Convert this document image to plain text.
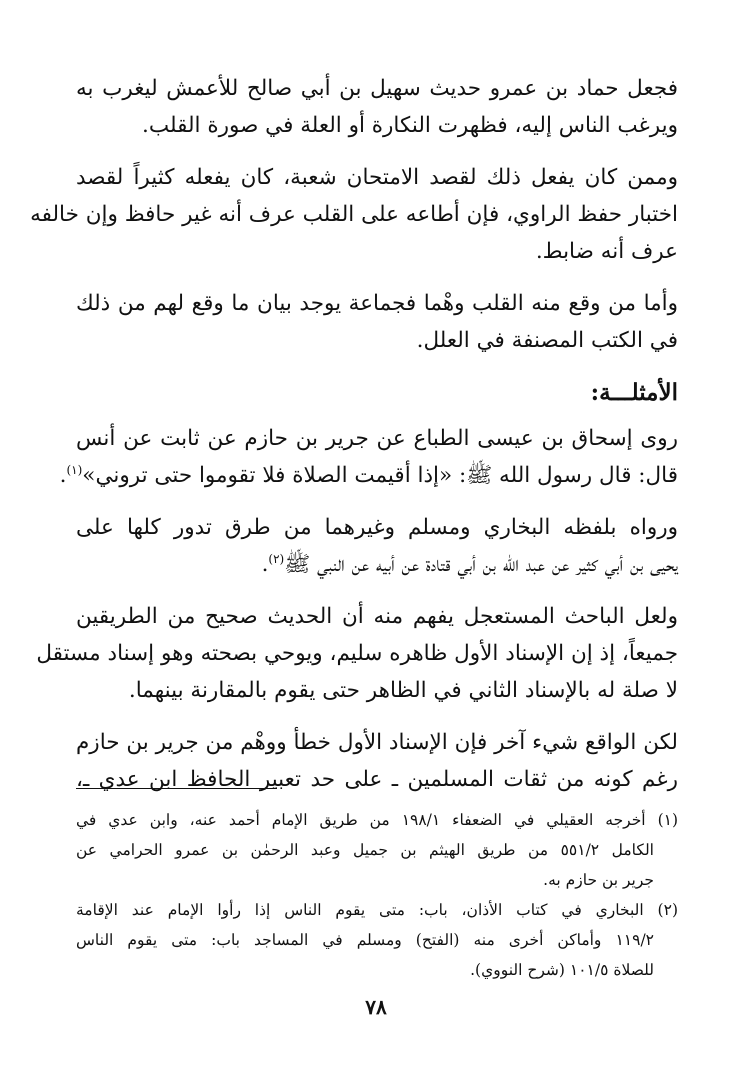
فجعل حماد بن عمرو حديث سهيل بن أبي صالح للأعمش ليغرب به
ويرغب الناس إليه، فظهرت النكارة أو العلة في صورة القلب.
وممن كان يفعل ذلك لقصد الامتحان شعبة، كان يفعله كثيراً لقصد
اختبار حفظ الراوي، فإن أطاعه على القلب عرف أنه غير حافظ وإن خالفه
عرف أنه ضابط.
وأما من وقع منه القلب وهْما فجماعة يوجد بيان ما وقع لهم من ذلك
في الكتب المصنفة في العلل.
الأمثلـــة:
روى إسحاق بن عيسى الطباع عن جرير بن حازم عن ثابت عن أنس
قال: قال رسول الله ﷺ: «إذا أقيمت الصلاة فلا تقوموا حتى تروني»$^{(١)}$.
ورواه بلفظه البخاري ومسلم وغيرهما من طرق تدور كلها على
يحيى بن أبي كثير عن عبد الله بن أبي قتادة عن أبيه عن النبي ﷺ$^{(٢)}$.
ولعل الباحث المستعجل يفهم منه أن الحديث صحيح من الطريقين
جميعاً، إذ إن الإسناد الأول ظاهره سليم، ويوحي بصحته وهو إسناد مستقل
لا صلة له بالإسناد الثاني في الظاهر حتى يقوم بالمقارنة بينهما.
لكن الواقع شيء آخر فإن الإسناد الأول خطأ ووهْم من جرير بن حازم
رغم كونه من ثقات المسلمين ـ على حد تعبير الحافظ ابن عدي ـ،
(١) أخرجه العقيلي في الضعفاء ١٩٨/١ من طريق الإمام أحمد عنه، وابن عدي في
الكامل ٥٥١/٢ من طريق الهيثم بن جميل وعبد الرحمٰن بن عمرو الحرامي عن
جرير بن حازم به.
(٢) البخاري في كتاب الأذان، باب: متى يقوم الناس إذا رأوا الإمام عند الإقامة
١١٩/٢ وأماكن أخرى منه (الفتح) ومسلم في المساجد باب: متى يقوم الناس
للصلاة ١٠١/٥ (شرح النووي).
٧٨
